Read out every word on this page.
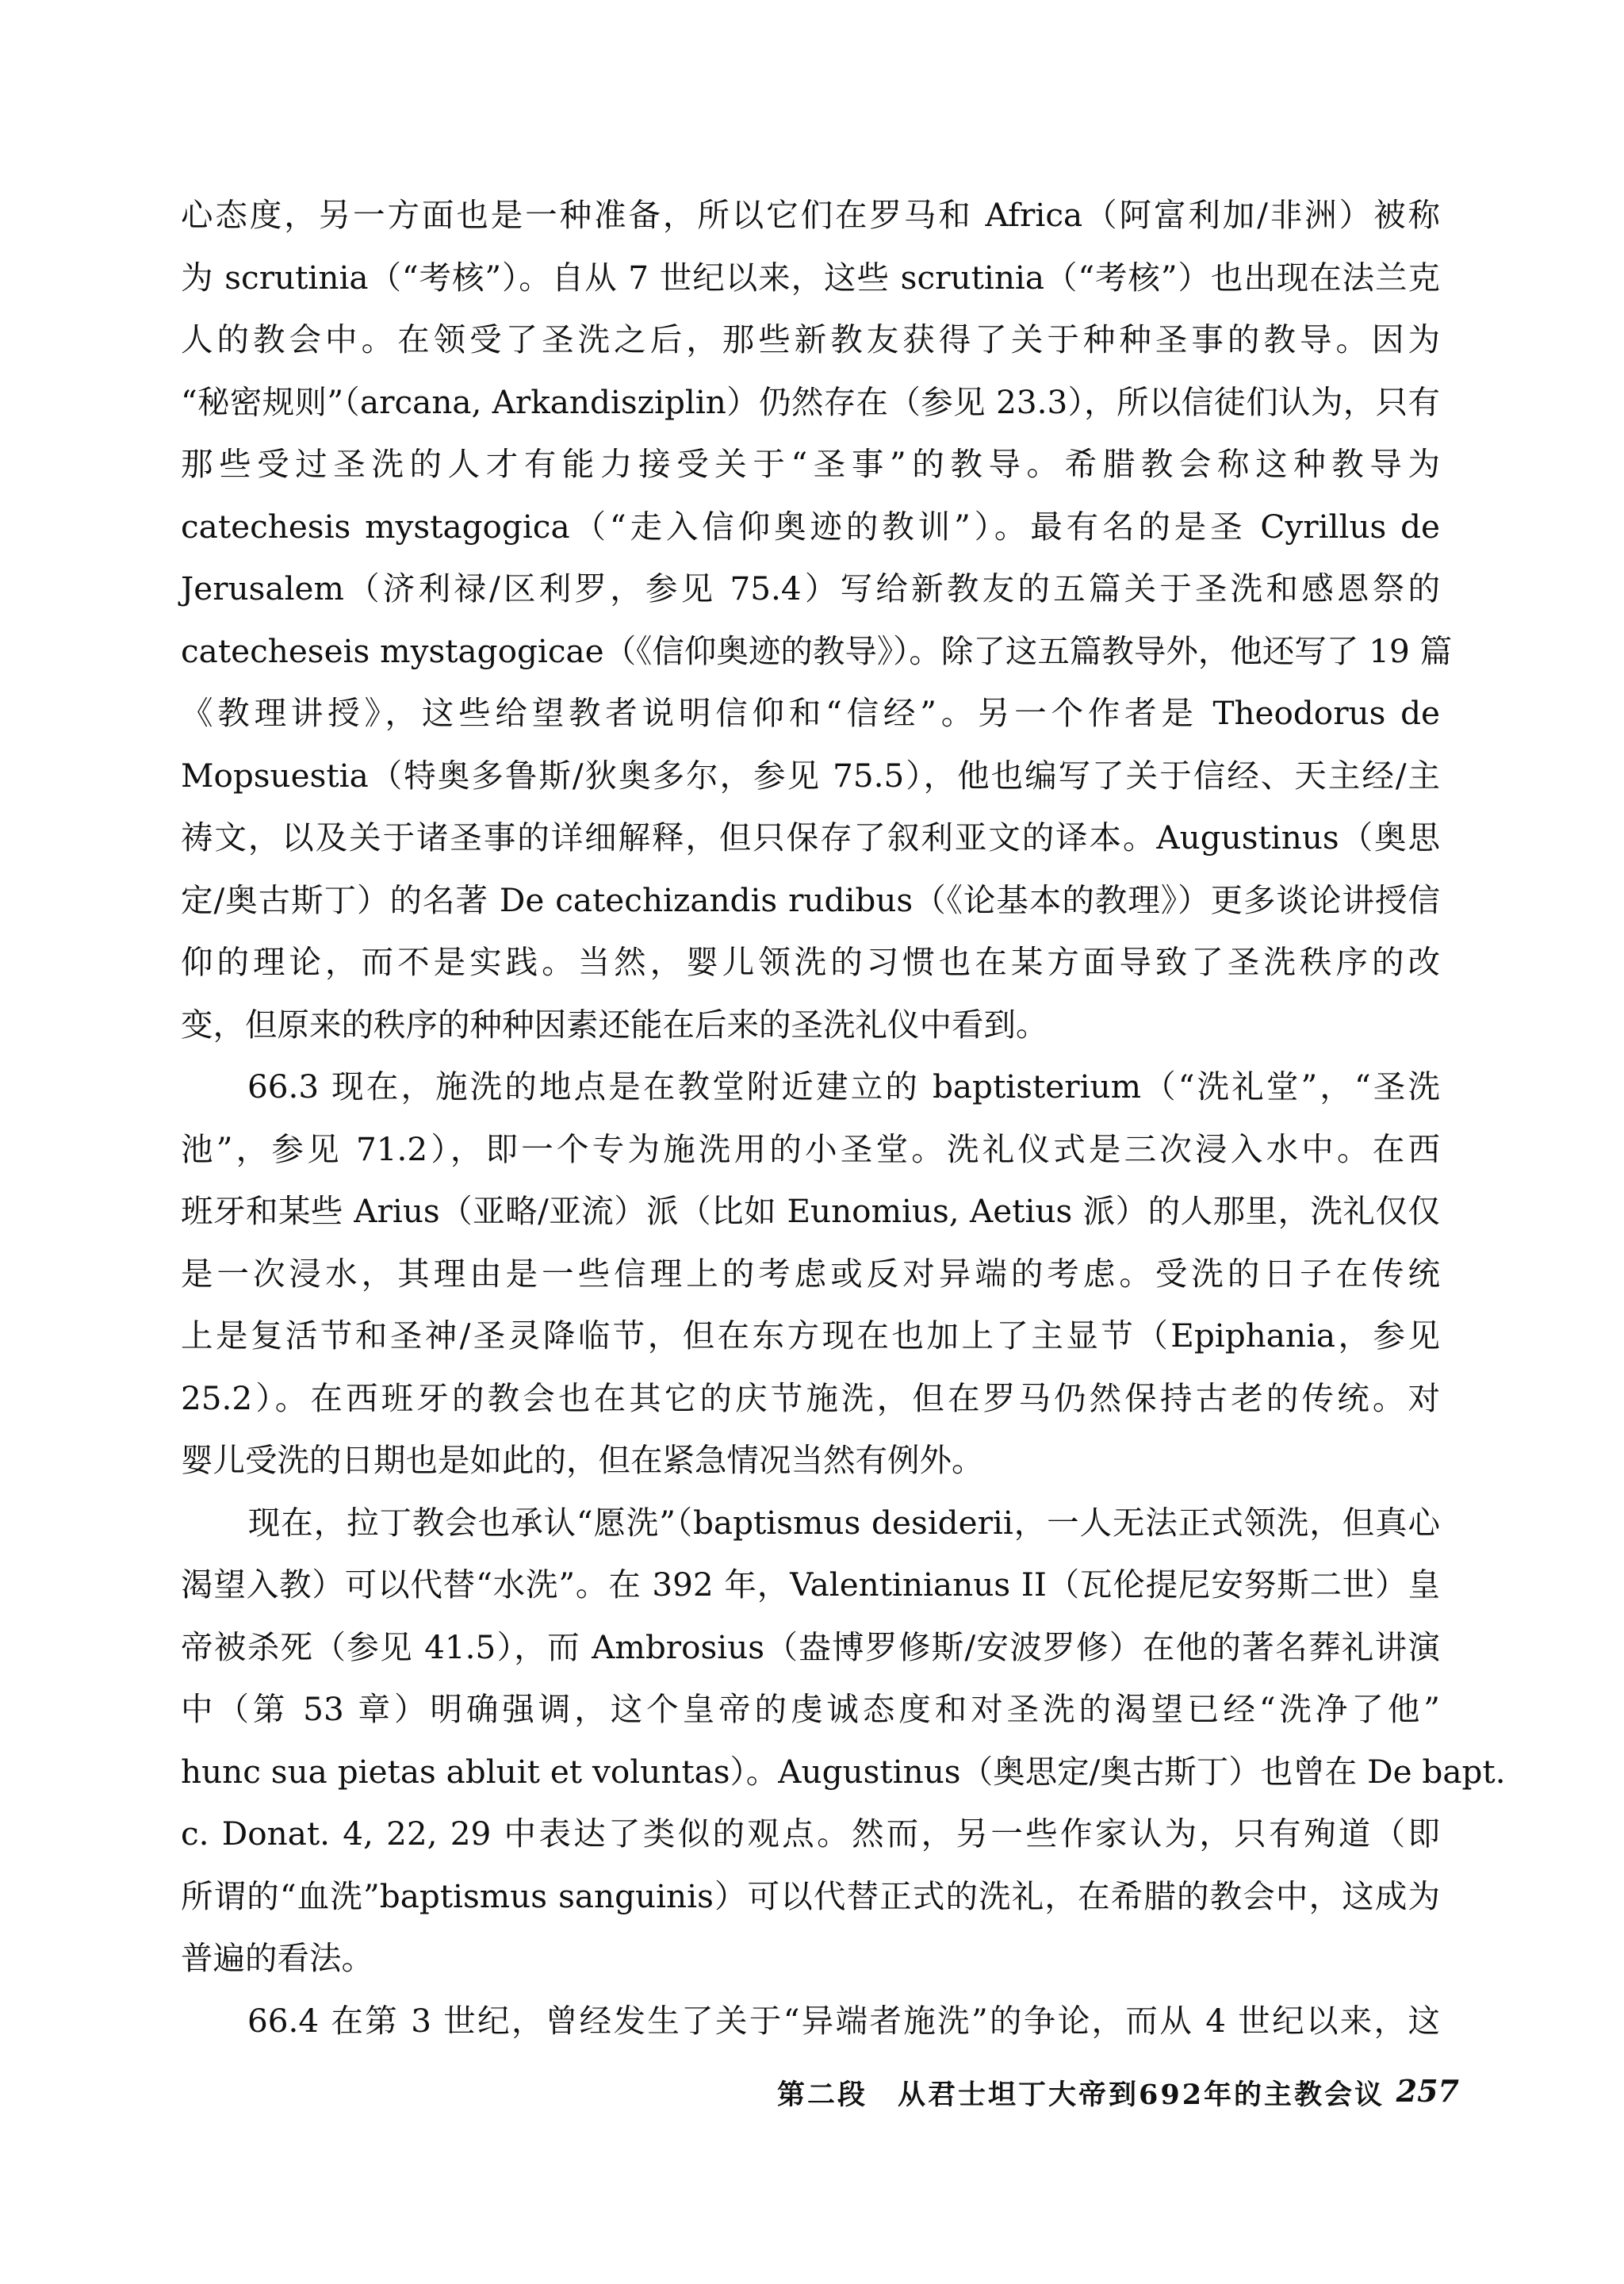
心态度，另一方面也是一种准备，所以它们在罗马和 Africa（阿富利加/非洲）被称

为 scrutinia（“考核”）。自从 7 世纪以来，这些 scrutinia（“考核”）也出现在法兰克

人的教会中。在领受了圣洗之后，那些新教友获得了关于种种圣事的教导。因为

“秘密规则”（arcana, Arkandisziplin）仍然存在（参见 23.3），所以信徒们认为，只有

那些受过圣洗的人才有能力接受关于“圣事”的教导。希腊教会称这种教导为

catechesis mystagogica（“走入信仰奥迹的教训”）。最有名的是圣 Cyrillus de

Jerusalem（济利禄/区利罗，参见 75.4）写给新教友的五篇关于圣洗和感恩祭的

catecheseis mystagogicae（《信仰奥迹的教导》）。除了这五篇教导外，他还写了 19 篇

《教理讲授》，这些给望教者说明信仰和“信经”。另一个作者是 Theodorus de

Mopsuestia（特奥多鲁斯/狄奥多尔，参见 75.5），他也编写了关于信经、天主经/主

祷文，以及关于诸圣事的详细解释，但只保存了叙利亚文的译本。Augustinus（奥思

定/奥古斯丁）的名著 De catechizandis rudibus（《论基本的教理》）更多谈论讲授信

仰的理论，而不是实践。当然，婴儿领洗的习惯也在某方面导致了圣洗秩序的改

变，但原来的秩序的种种因素还能在后来的圣洗礼仪中看到。

66.3 现在，施洗的地点是在教堂附近建立的 baptisterium（“洗礼堂”，“圣洗

池”，参见 71.2），即一个专为施洗用的小圣堂。洗礼仪式是三次浸入水中。在西

班牙和某些 Arius（亚略/亚流）派（比如 Eunomius, Aetius 派）的人那里，洗礼仅仅

是一次浸水，其理由是一些信理上的考虑或反对异端的考虑。受洗的日子在传统

上是复活节和圣神/圣灵降临节，但在东方现在也加上了主显节（Epiphania，参见

25.2）。在西班牙的教会也在其它的庆节施洗，但在罗马仍然保持古老的传统。对

婴儿受洗的日期也是如此的，但在紧急情况当然有例外。

现在，拉丁教会也承认“愿洗”（baptismus desiderii，一人无法正式领洗，但真心

渴望入教）可以代替“水洗”。在 392 年，Valentinianus II（瓦伦提尼安努斯二世）皇

帝被杀死（参见 41.5），而 Ambrosius（盎博罗修斯/安波罗修）在他的著名葬礼讲演

中（第 53 章）明确强调，这个皇帝的虔诚态度和对圣洗的渴望已经“洗净了他”

hunc sua pietas abluit et voluntas）。Augustinus（奥思定/奥古斯丁）也曾在 De bapt.

c. Donat. 4, 22, 29 中表达了类似的观点。然而，另一些作家认为，只有殉道（即

所谓的“血洗”baptismus sanguinis）可以代替正式的洗礼，在希腊的教会中，这成为

普遍的看法。

66.4 在第 3 世纪，曾经发生了关于“异端者施洗”的争论，而从 4 世纪以来，这

第二段　从君士坦丁大帝到692年的主教会议 257
